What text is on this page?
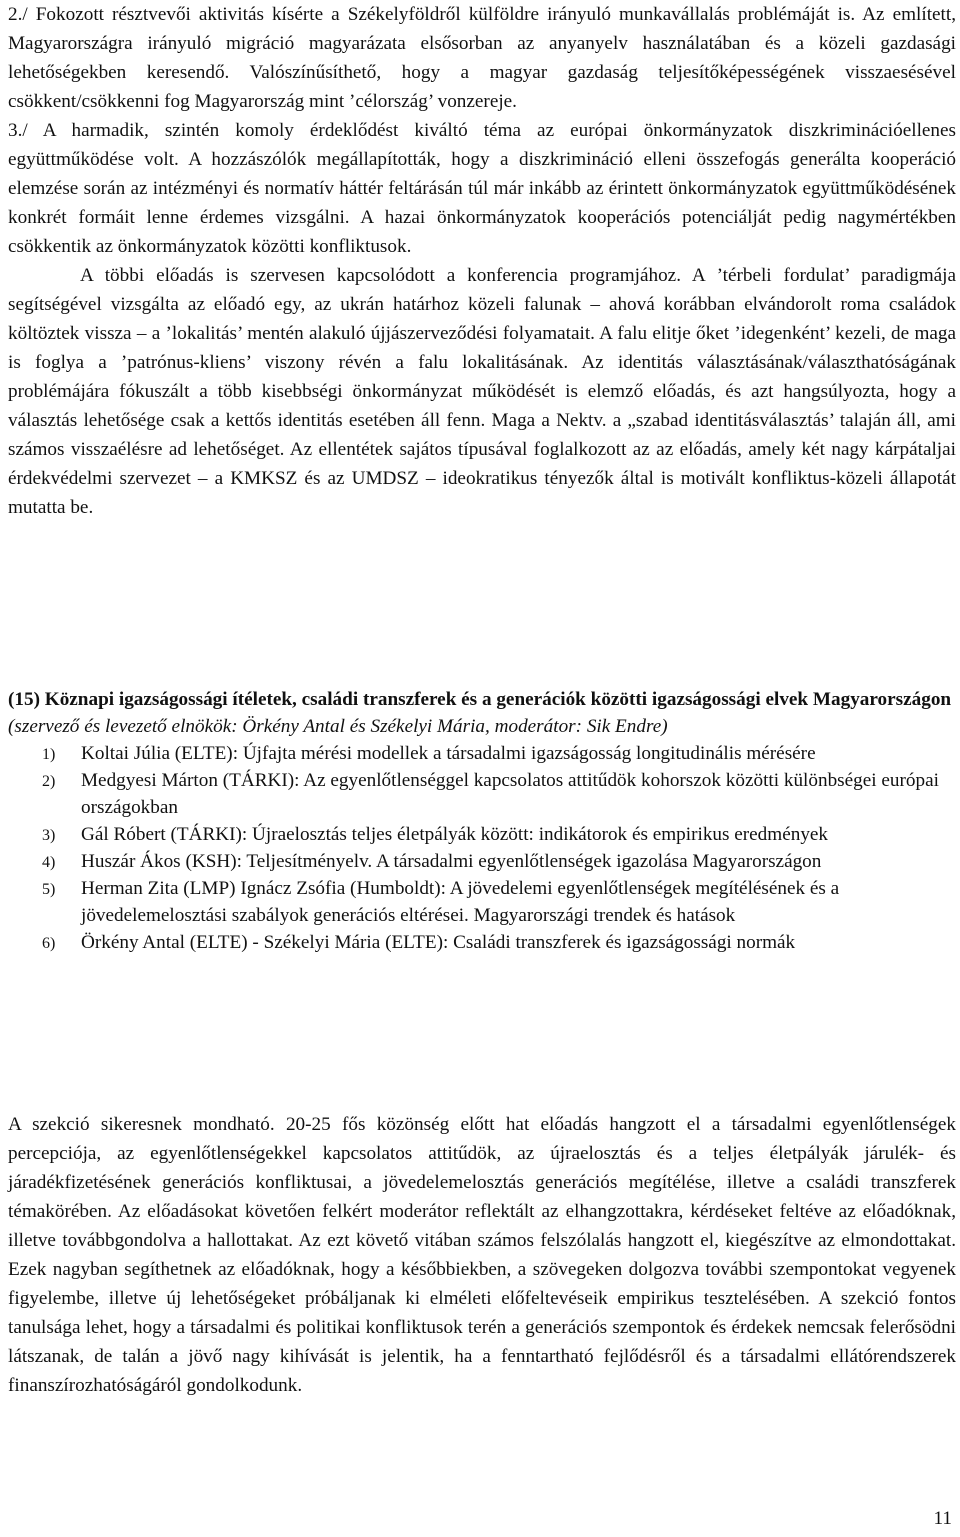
2./ Fokozott résztvevői aktivitás kísérte a Székelyföldről külföldre irányuló munkavállalás problémáját is. Az említett, Magyarországra irányuló migráció magyarázata elsősorban az anyanyelv használatában és a közeli gazdasági lehetőségekben keresendő. Valószínűsíthető, hogy a magyar gazdaság teljesítőképességének visszaesésével csökkent/csökkenni fog Magyarország mint ’célország’ vonzereje.

3./ A harmadik, szintén komoly érdeklődést kiváltó téma az európai önkormányzatok diszkriminációellenes együttműködése volt. A hozzászólók megállapították, hogy a diszkrimináció elleni összefogás generálta kooperáció elemzése során az intézményi és normatív háttér feltárásán túl már inkább az érintett önkormányzatok együttműködésének konkrét formáit lenne érdemes vizsgálni. A hazai önkormányzatok kooperációs potenciálját pedig nagymértékben csökkentik az önkormányzatok közötti konfliktusok.

A többi előadás is szervesen kapcsolódott a konferencia programjához. A ’térbeli fordulat’ paradigmája segítségével vizsgálta az előadó egy, az ukrán határhoz közeli falunak – ahová korábban elvándorolt roma családok költöztek vissza – a ’lokalitás’ mentén alakuló újjászerveződési folyamatait. A falu elitje őket ’idegenként’ kezeli, de maga is foglya a ’patrónus-kliens’ viszony révén a falu lokalitásának. Az identitás választásának/választhatóságának problémájára fókuszált a több kisebbségi önkormányzat működését is elemző előadás, és azt hangsúlyozta, hogy a választás lehetősége csak a kettős identitás esetében áll fenn. Maga a Nektv. a „szabad identitásválasztás’ talaján áll, ami számos visszaélésre ad lehetőséget. Az ellentétek sajátos típusával foglalkozott az az előadás, amely két nagy kárpátaljai érdekvédelmi szervezet – a KMKSZ és az UMDSZ – ideokratikus tényezők által is motivált konfliktus-közeli állapotát mutatta be.

(15) Köznapi igazságossági ítéletek, családi transzferek és a generációk közötti igazságossági elvek Magyarországon

(szervező és levezető elnökök: Örkény Antal és Székelyi Mária, moderátor: Sik Endre)

1) Koltai Júlia (ELTE): Újfajta mérési modellek a társadalmi igazságosság longitudinális mérésére
2) Medgyesi Márton (TÁRKI): Az egyenlőtlenséggel kapcsolatos attitűdök kohorszok közötti különbségei európai országokban
3) Gál Róbert (TÁRKI): Újraelosztás teljes életpályák között: indikátorok és empirikus eredmények
4) Huszár Ákos (KSH): Teljesítményelv. A társadalmi egyenlőtlenségek igazolása Magyarországon
5) Herman Zita (LMP) Ignácz Zsófia (Humboldt): A jövedelemi egyenlőtlenségek megítélésének és a jövedelemelosztási szabályok generációs eltérései. Magyarországi trendek és hatások
6) Örkény Antal (ELTE) - Székelyi Mária (ELTE): Családi transzferek és igazságossági normák

A szekció sikeresnek mondható. 20-25 fős közönség előtt hat előadás hangzott el a társadalmi egyenlőtlenségek percepciója, az egyenlőtlenségekkel kapcsolatos attitűdök, az újraelosztás és a teljes életpályák járulék- és járadékfizetésének generációs konfliktusai, a jövedelemelosztás generációs megítélése, illetve a családi transzferek témakörében. Az előadásokat követően felkért moderátor reflektált az elhangzottakra, kérdéseket feltéve az előadóknak, illetve továbbgondolva a hallottakat. Az ezt követő vitában számos felszólalás hangzott el, kiegészítve az elmondottakat. Ezek nagyban segíthetnek az előadóknak, hogy a későbbiekben, a szövegeken dolgozva további szempontokat vegyenek figyelembe, illetve új lehetőségeket próbáljanak ki elméleti előfeltevéseik empirikus tesztelésében. A szekció fontos tanulsága lehet, hogy a társadalmi és politikai konfliktusok terén a generációs szempontok és érdekek nemcsak felerősödni látszanak, de talán a jövő nagy kihívását is jelentik, ha a fenntartható fejlődésről és a társadalmi ellátórendszerek finanszírozhatóságáról gondolkodunk.

11
